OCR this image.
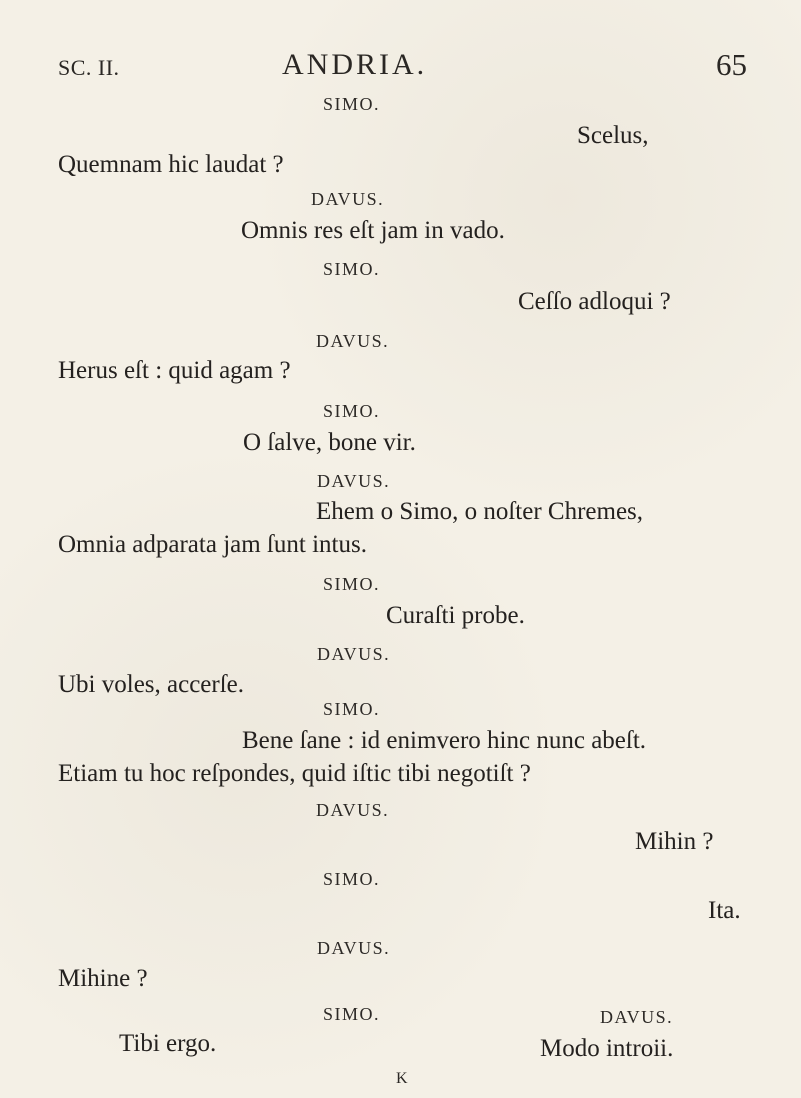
SC. II.	ANDRIA.	65
SIMO.
Scelus,
Quemnam hic laudat ?
DAVUS.
Omnis res eſt jam in vado.
SIMO.
Ceſſo adloqui ?
DAVUS.
Herus eſt : quid agam ?
SIMO.
O ſalve, bone vir.
DAVUS.
Ehem o Simo, o noſter Chremes,
Omnia adparata jam ſunt intus.
SIMO.
Curaſti probe.
DAVUS.
Ubi voles, accerſe.
SIMO.
Bene ſane : id enimvero hinc nunc abeſt.
Etiam tu hoc reſpondes, quid iſtic tibi negotiſt ?
DAVUS.
Mihin ?
SIMO.
Ita.
DAVUS.
Mihine ?
SIMO.
Tibi ergo.
DAVUS.
Modo introii.
K
